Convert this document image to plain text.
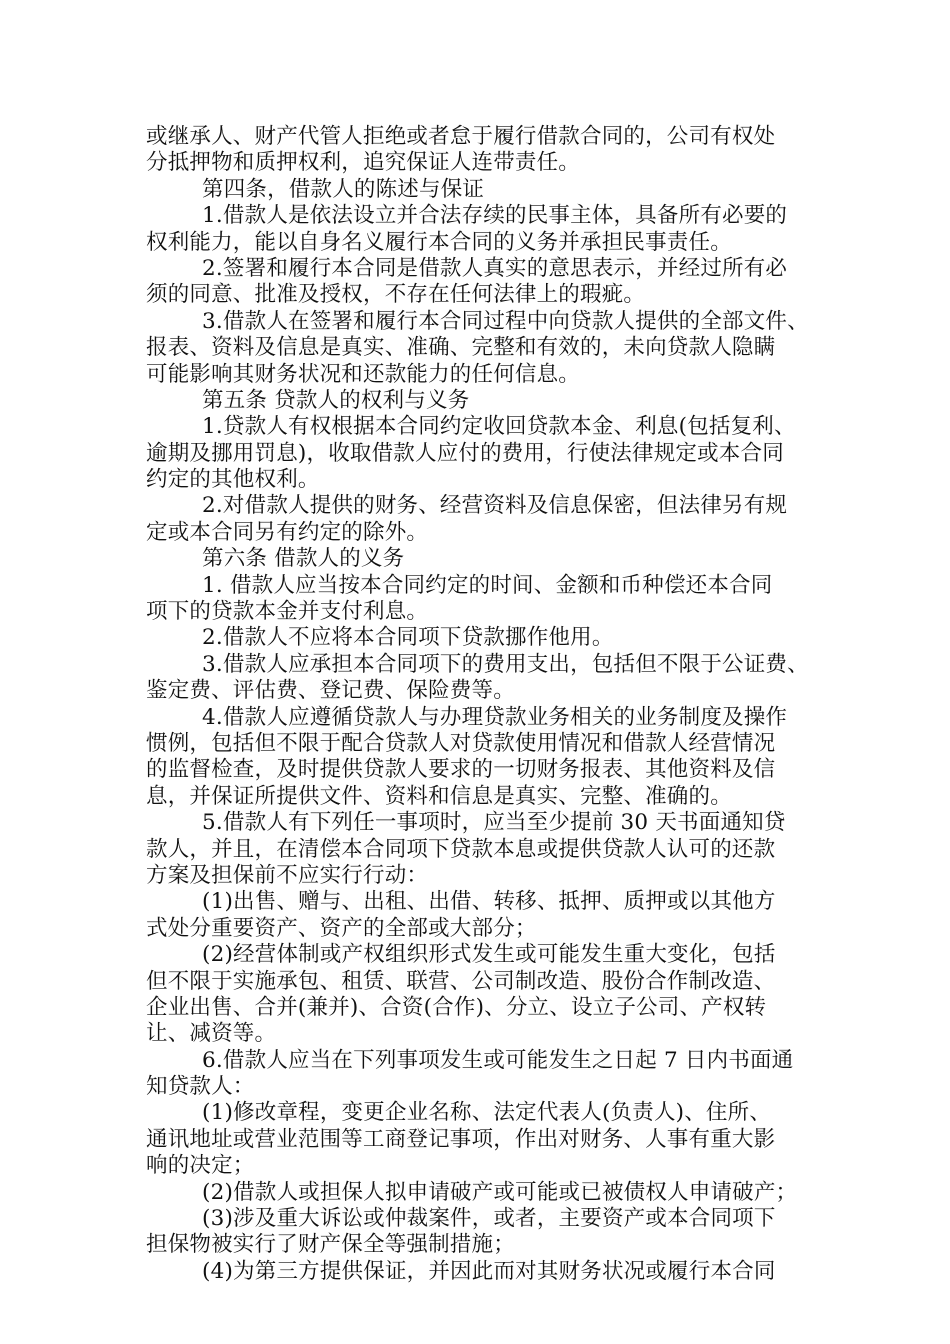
或继承人、财产代管人拒绝或者怠于履行借款合同的，公司有权处
分抵押物和质押权利，追究保证人连带责任。
第四条，借款人的陈述与保证
1.借款人是依法设立并合法存续的民事主体，具备所有必要的
权利能力，能以自身名义履行本合同的义务并承担民事责任。
2.签署和履行本合同是借款人真实的意思表示，并经过所有必
须的同意、批准及授权，不存在任何法律上的瑕疵。
3.借款人在签署和履行本合同过程中向贷款人提供的全部文件、
报表、资料及信息是真实、准确、完整和有效的，未向贷款人隐瞒
可能影响其财务状况和还款能力的任何信息。
第五条 贷款人的权利与义务
1.贷款人有权根据本合同约定收回贷款本金、利息(包括复利、
逾期及挪用罚息)，收取借款人应付的费用，行使法律规定或本合同
约定的其他权利。
2.对借款人提供的财务、经营资料及信息保密，但法律另有规
定或本合同另有约定的除外。
第六条 借款人的义务
1. 借款人应当按本合同约定的时间、金额和币种偿还本合同
项下的贷款本金并支付利息。
2.借款人不应将本合同项下贷款挪作他用。
3.借款人应承担本合同项下的费用支出，包括但不限于公证费、
鉴定费、评估费、登记费、保险费等。
4.借款人应遵循贷款人与办理贷款业务相关的业务制度及操作
惯例，包括但不限于配合贷款人对贷款使用情况和借款人经营情况
的监督检查，及时提供贷款人要求的一切财务报表、其他资料及信
息，并保证所提供文件、资料和信息是真实、完整、准确的。
5.借款人有下列任一事项时，应当至少提前 30 天书面通知贷
款人，并且，在清偿本合同项下贷款本息或提供贷款人认可的还款
方案及担保前不应实行行动：
(1)出售、赠与、出租、出借、转移、抵押、质押或以其他方
式处分重要资产、资产的全部或大部分；
(2)经营体制或产权组织形式发生或可能发生重大变化，包括
但不限于实施承包、租赁、联营、公司制改造、股份合作制改造、
企业出售、合并(兼并)、合资(合作)、分立、设立子公司、产权转
让、减资等。
6.借款人应当在下列事项发生或可能发生之日起 7 日内书面通
知贷款人：
(1)修改章程，变更企业名称、法定代表人(负责人)、住所、
通讯地址或营业范围等工商登记事项，作出对财务、人事有重大影
响的决定；
(2)借款人或担保人拟申请破产或可能或已被债权人申请破产；
(3)涉及重大诉讼或仲裁案件，或者，主要资产或本合同项下
担保物被实行了财产保全等强制措施；
(4)为第三方提供保证，并因此而对其财务状况或履行本合同
